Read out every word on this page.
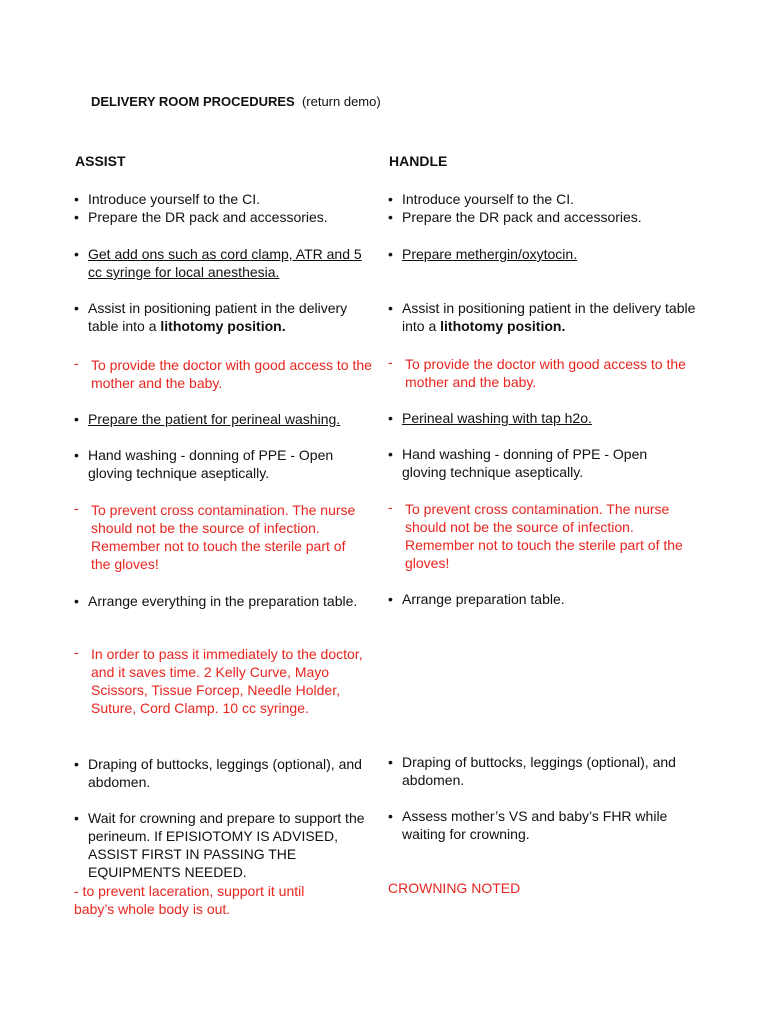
DELIVERY ROOM PROCEDURES (return demo)
ASSIST	HANDLE
• Introduce yourself to the CI.
• Prepare the DR pack and accessories.
• Get add ons such as cord clamp, ATR and 5 cc syringe for local anesthesia.
• Assist in positioning patient in the delivery table into a lithotomy position.
- To provide the doctor with good access to the mother and the baby.
• Prepare the patient for perineal washing.
• Hand washing - donning of PPE - Open gloving technique aseptically.
- To prevent cross contamination. The nurse should not be the source of infection. Remember not to touch the sterile part of the gloves!
• Arrange everything in the preparation table.
- In order to pass it immediately to the doctor, and it saves time. 2 Kelly Curve, Mayo Scissors, Tissue Forcep, Needle Holder, Suture, Cord Clamp. 10 cc syringe.
• Draping of buttocks, leggings (optional), and abdomen.
• Wait for crowning and prepare to support the perineum. If EPISIOTOMY IS ADVISED, ASSIST FIRST IN PASSING THE EQUIPMENTS NEEDED.
- to prevent laceration, support it until baby’s whole body is out.
• Introduce yourself to the CI.
• Prepare the DR pack and accessories.
• Prepare methergin/oxytocin.
• Assist in positioning patient in the delivery table into a lithotomy position.
- To provide the doctor with good access to the mother and the baby.
• Perineal washing with tap h2o.
• Hand washing - donning of PPE - Open gloving technique aseptically.
- To prevent cross contamination. The nurse should not be the source of infection. Remember not to touch the sterile part of the gloves!
• Arrange preparation table.
• Draping of buttocks, leggings (optional), and abdomen.
• Assess mother’s VS and baby’s FHR while waiting for crowning.
CROWNING NOTED
